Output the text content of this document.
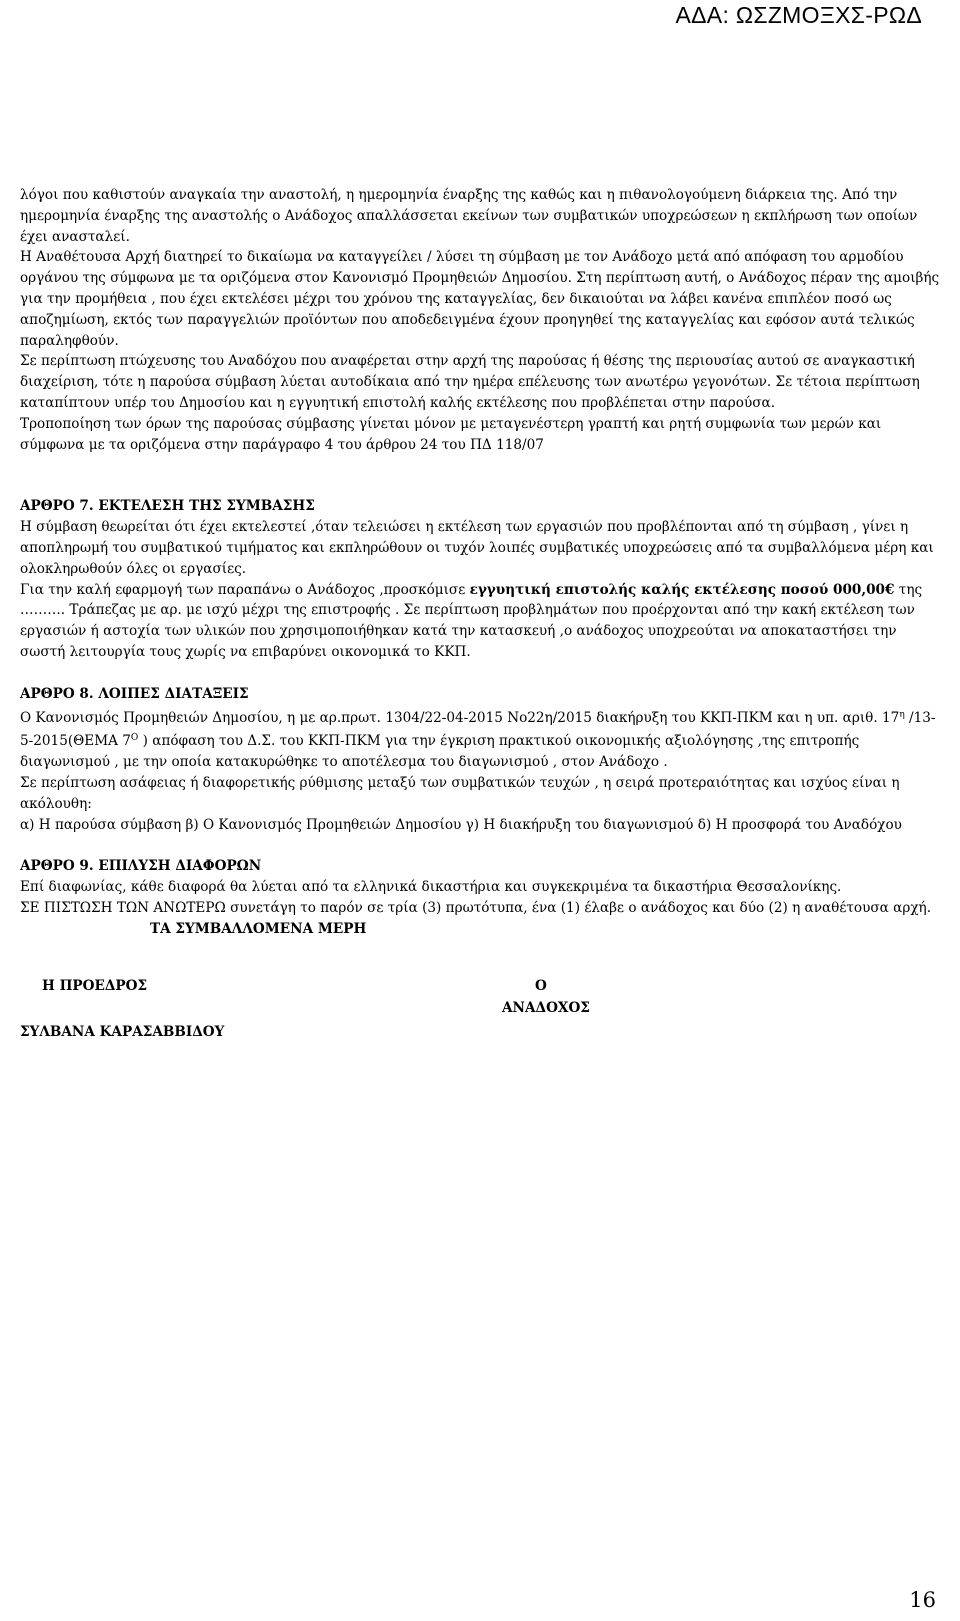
ΑΔΑ: ΩΣΖΜΟΞΧΣ-ΡΩΔ

λόγοι που καθιστούν αναγκαία την αναστολή, η ημερομηνία έναρξης της καθώς και η πιθανολογούμενη διάρκεια της. Από την ημερομηνία έναρξης της αναστολής ο Ανάδοχος απαλλάσσεται εκείνων των συμβατικών υποχρεώσεων η εκπλήρωση των οποίων έχει ανασταλεί.

Η Αναθέτουσα Αρχή διατηρεί το δικαίωμα να καταγγείλει / λύσει τη σύμβαση με τον Ανάδοχο μετά από απόφαση του αρμοδίου οργάνου της σύμφωνα με τα οριζόμενα στον Κανονισμό Προμηθειών Δημοσίου. Στη περίπτωση αυτή, ο Ανάδοχος πέραν της αμοιβής για την προμήθεια , που έχει εκτελέσει μέχρι του χρόνου της καταγγελίας, δεν δικαιούται να λάβει κανένα επιπλέον ποσό ως αποζημίωση, εκτός των παραγγελιών προϊόντων που αποδεδειγμένα έχουν προηγηθεί της καταγγελίας και εφόσον αυτά τελικώς παραληφθούν.

Σε περίπτωση πτώχευσης του Αναδόχου που αναφέρεται στην αρχή της παρούσας ή θέσης της περιουσίας αυτού σε αναγκαστική διαχείριση, τότε η παρούσα σύμβαση λύεται αυτοδίκαια από την ημέρα επέλευσης των ανωτέρω γεγονότων. Σε τέτοια περίπτωση καταπίπτουν υπέρ του Δημοσίου και η εγγυητική επιστολή καλής εκτέλεσης που προβλέπεται στην παρούσα.

Τροποποίηση των όρων της παρούσας σύμβασης γίνεται μόνον με μεταγενέστερη γραπτή και ρητή συμφωνία των μερών και σύμφωνα με τα οριζόμενα στην παράγραφο 4 του άρθρου 24 του ΠΔ 118/07

ΑΡΘΡΟ 7. ΕΚΤΕΛΕΣΗ ΤΗΣ ΣΥΜΒΑΣΗΣ

Η σύμβαση θεωρείται ότι έχει εκτελεστεί ,όταν τελειώσει η εκτέλεση των εργασιών που προβλέπονται από τη σύμβαση , γίνει η αποπληρωμή του συμβατικού τιμήματος και εκπληρώθουν οι τυχόν λοιπές συμβατικές υποχρεώσεις από τα συμβαλλόμενα μέρη και ολοκληρωθούν όλες οι εργασίες.

Για την καλή εφαρμογή των παραπάνω ο Ανάδοχος ,προσκόμισε εγγυητική επιστολής καλής εκτέλεσης ποσού 000,00€ της ………. Τράπεζας με αρ. με ισχύ μέχρι της επιστροφής . Σε περίπτωση προβλημάτων που προέρχονται από την κακή εκτέλεση των εργασιών ή αστοχία των υλικών που χρησιμοποιήθηκαν κατά την κατασκευή ,ο ανάδοχος υποχρεούται να αποκαταστήσει την σωστή λειτουργία τους χωρίς να επιβαρύνει οικονομικά το ΚΚΠ.

ΑΡΘΡΟ 8. ΛΟΙΠΕΣ ΔΙΑΤΑΞΕΙΣ

Ο Κανονισμός Προμηθειών Δημοσίου, η με αρ.πρωτ. 1304/22-04-2015 Νο22η/2015 διακήρυξη του ΚΚΠ-ΠΚΜ και η υπ. αριθ. $17^\eta$ /13-5-2015(ΘΕΜΑ $7^O$ ) απόφαση του Δ.Σ. του ΚΚΠ-ΠΚΜ για την έγκριση πρακτικού οικονομικής αξιολόγησης ,της επιτροπής διαγωνισμού , με την οποία κατακυρώθηκε το αποτέλεσμα του διαγωνισμού , στον Ανάδοχο .

Σε περίπτωση ασάφειας ή διαφορετικής ρύθμισης μεταξύ των συμβατικών τευχών , η σειρά προτεραιότητας και ισχύος είναι η ακόλουθη:

α) Η παρούσα σύμβαση β) Ο Κανονισμός Προμηθειών Δημοσίου γ) Η διακήρυξη του διαγωνισμού δ) Η προσφορά του Αναδόχου

ΑΡΘΡΟ 9. ΕΠΙΛΥΣΗ ΔΙΑΦΟΡΩΝ

Επί διαφωνίας, κάθε διαφορά θα λύεται από τα ελληνικά δικαστήρια και συγκεκριμένα τα δικαστήρια Θεσσαλονίκης.

ΣΕ ΠΙΣΤΩΣΗ ΤΩΝ ΑΝΩΤΕΡΩ συνετάγη το παρόν σε τρία (3) πρωτότυπα, ένα (1) έλαβε ο ανάδοχος και δύο (2) η αναθέτουσα αρχή.

ΤΑ ΣΥΜΒΑΛΛΟΜΕΝΑ ΜΕΡΗ

Η ΠΡΟΕΔΡΟΣ
ΣΥΛΒΑΝΑ ΚΑΡΑΣΑΒΒΙΔΟΥ
Ο
ΑΝΑΔΟΧΟΣ
16
